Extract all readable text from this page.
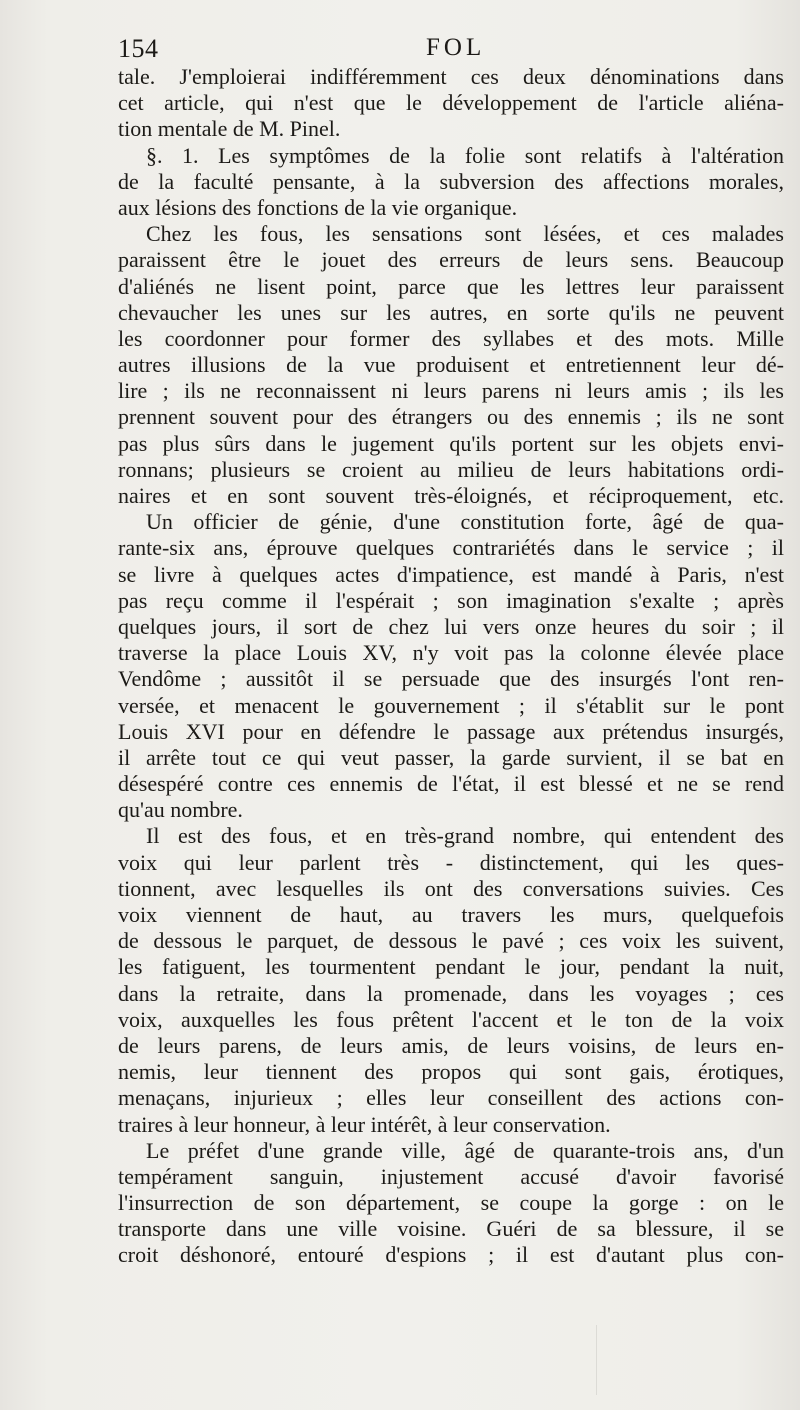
154	FOL
tale. J'emploierai indifféremment ces deux dénominations dans
cet article, qui n'est que le développement de l'article aliéna-
tion mentale de M. Pinel.
§. 1. Les symptômes de la folie sont relatifs à l'altération
de la faculté pensante, à la subversion des affections morales,
aux lésions des fonctions de la vie organique.
Chez les fous, les sensations sont lésées, et ces malades
paraissent être le jouet des erreurs de leurs sens. Beaucoup
d'aliénés ne lisent point, parce que les lettres leur paraissent
chevaucher les unes sur les autres, en sorte qu'ils ne peuvent
les coordonner pour former des syllabes et des mots. Mille
autres illusions de la vue produisent et entretiennent leur dé-
lire ; ils ne reconnaissent ni leurs parens ni leurs amis ; ils les
prennent souvent pour des étrangers ou des ennemis ; ils ne sont
pas plus sûrs dans le jugement qu'ils portent sur les objets envi-
ronnans; plusieurs se croient au milieu de leurs habitations ordi-
naires et en sont souvent très-éloignés, et réciproquement, etc.
Un officier de génie, d'une constitution forte, âgé de qua-
rante-six ans, éprouve quelques contrariétés dans le service ; il
se livre à quelques actes d'impatience, est mandé à Paris, n'est
pas reçu comme il l'espérait ; son imagination s'exalte ; après
quelques jours, il sort de chez lui vers onze heures du soir ; il
traverse la place Louis XV, n'y voit pas la colonne élevée place
Vendôme ; aussitôt il se persuade que des insurgés l'ont ren-
versée, et menacent le gouvernement ; il s'établit sur le pont
Louis XVI pour en défendre le passage aux prétendus insurgés,
il arrête tout ce qui veut passer, la garde survient, il se bat en
désespéré contre ces ennemis de l'état, il est blessé et ne se rend
qu'au nombre.
Il est des fous, et en très-grand nombre, qui entendent des
voix qui leur parlent très - distinctement, qui les ques-
tionnent, avec lesquelles ils ont des conversations suivies. Ces
voix viennent de haut, au travers les murs, quelquefois
de dessous le parquet, de dessous le pavé ; ces voix les suivent,
les fatiguent, les tourmentent pendant le jour, pendant la nuit,
dans la retraite, dans la promenade, dans les voyages ; ces
voix, auxquelles les fous prêtent l'accent et le ton de la voix
de leurs parens, de leurs amis, de leurs voisins, de leurs en-
nemis, leur tiennent des propos qui sont gais, érotiques,
menaçans, injurieux ; elles leur conseillent des actions con-
traires à leur honneur, à leur intérêt, à leur conservation.
Le préfet d'une grande ville, âgé de quarante-trois ans, d'un
tempérament sanguin, injustement accusé d'avoir favorisé
l'insurrection de son département, se coupe la gorge : on le
transporte dans une ville voisine. Guéri de sa blessure, il se
croit déshonoré, entouré d'espions ; il est d'autant plus con-
